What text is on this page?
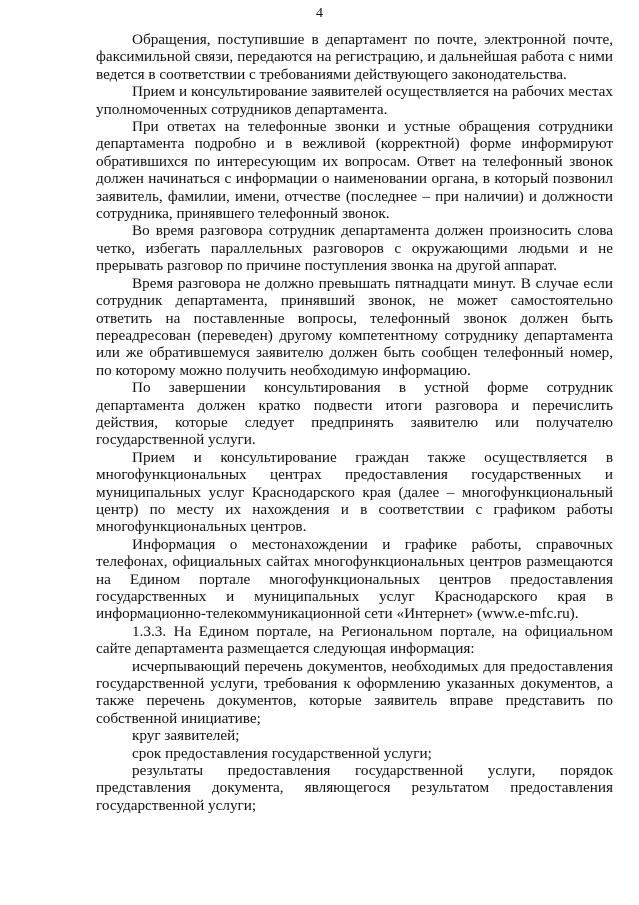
4

Обращения, поступившие в департамент по почте, электронной почте, факсимильной связи, передаются на регистрацию, и дальнейшая работа с ними ведется в соответствии с требованиями действующего законодательства.

Прием и консультирование заявителей осуществляется на рабочих местах уполномоченных сотрудников департамента.

При ответах на телефонные звонки и устные обращения сотрудники департамента подробно и в вежливой (корректной) форме информируют обратившихся по интересующим их вопросам. Ответ на телефонный звонок должен начинаться с информации о наименовании органа, в который позвонил заявитель, фамилии, имени, отчестве (последнее – при наличии) и должности сотрудника, принявшего телефонный звонок.

Во время разговора сотрудник департамента должен произносить слова четко, избегать параллельных разговоров с окружающими людьми и не прерывать разговор по причине поступления звонка на другой аппарат.

Время разговора не должно превышать пятнадцати минут. В случае если сотрудник департамента, принявший звонок, не может самостоятельно ответить на поставленные вопросы, телефонный звонок должен быть переадресован (переведен) другому компетентному сотруднику департамента или же обратившемуся заявителю должен быть сообщен телефонный номер, по которому можно получить необходимую информацию.

По завершении консультирования в устной форме сотрудник департамента должен кратко подвести итоги разговора и перечислить действия, которые следует предпринять заявителю или получателю государственной услуги.

Прием и консультирование граждан также осуществляется в многофункциональных центрах предоставления государственных и муниципальных услуг Краснодарского края (далее – многофункциональный центр) по месту их нахождения и в соответствии с графиком работы многофункциональных центров.

Информация о местонахождении и графике работы, справочных телефонах, официальных сайтах многофункциональных центров размещаются на Едином портале многофункциональных центров предоставления государственных и муниципальных услуг Краснодарского края в информационно-телекоммуникационной сети «Интернет» (www.e-mfc.ru).

1.3.3. На Едином портале, на Региональном портале, на официальном сайте департамента размещается следующая информация:

исчерпывающий перечень документов, необходимых для предоставления государственной услуги, требования к оформлению указанных документов, а также перечень документов, которые заявитель вправе представить по собственной инициативе;

круг заявителей;

срок предоставления государственной услуги;

результаты предоставления государственной услуги, порядок представления документа, являющегося результатом предоставления государственной услуги;
